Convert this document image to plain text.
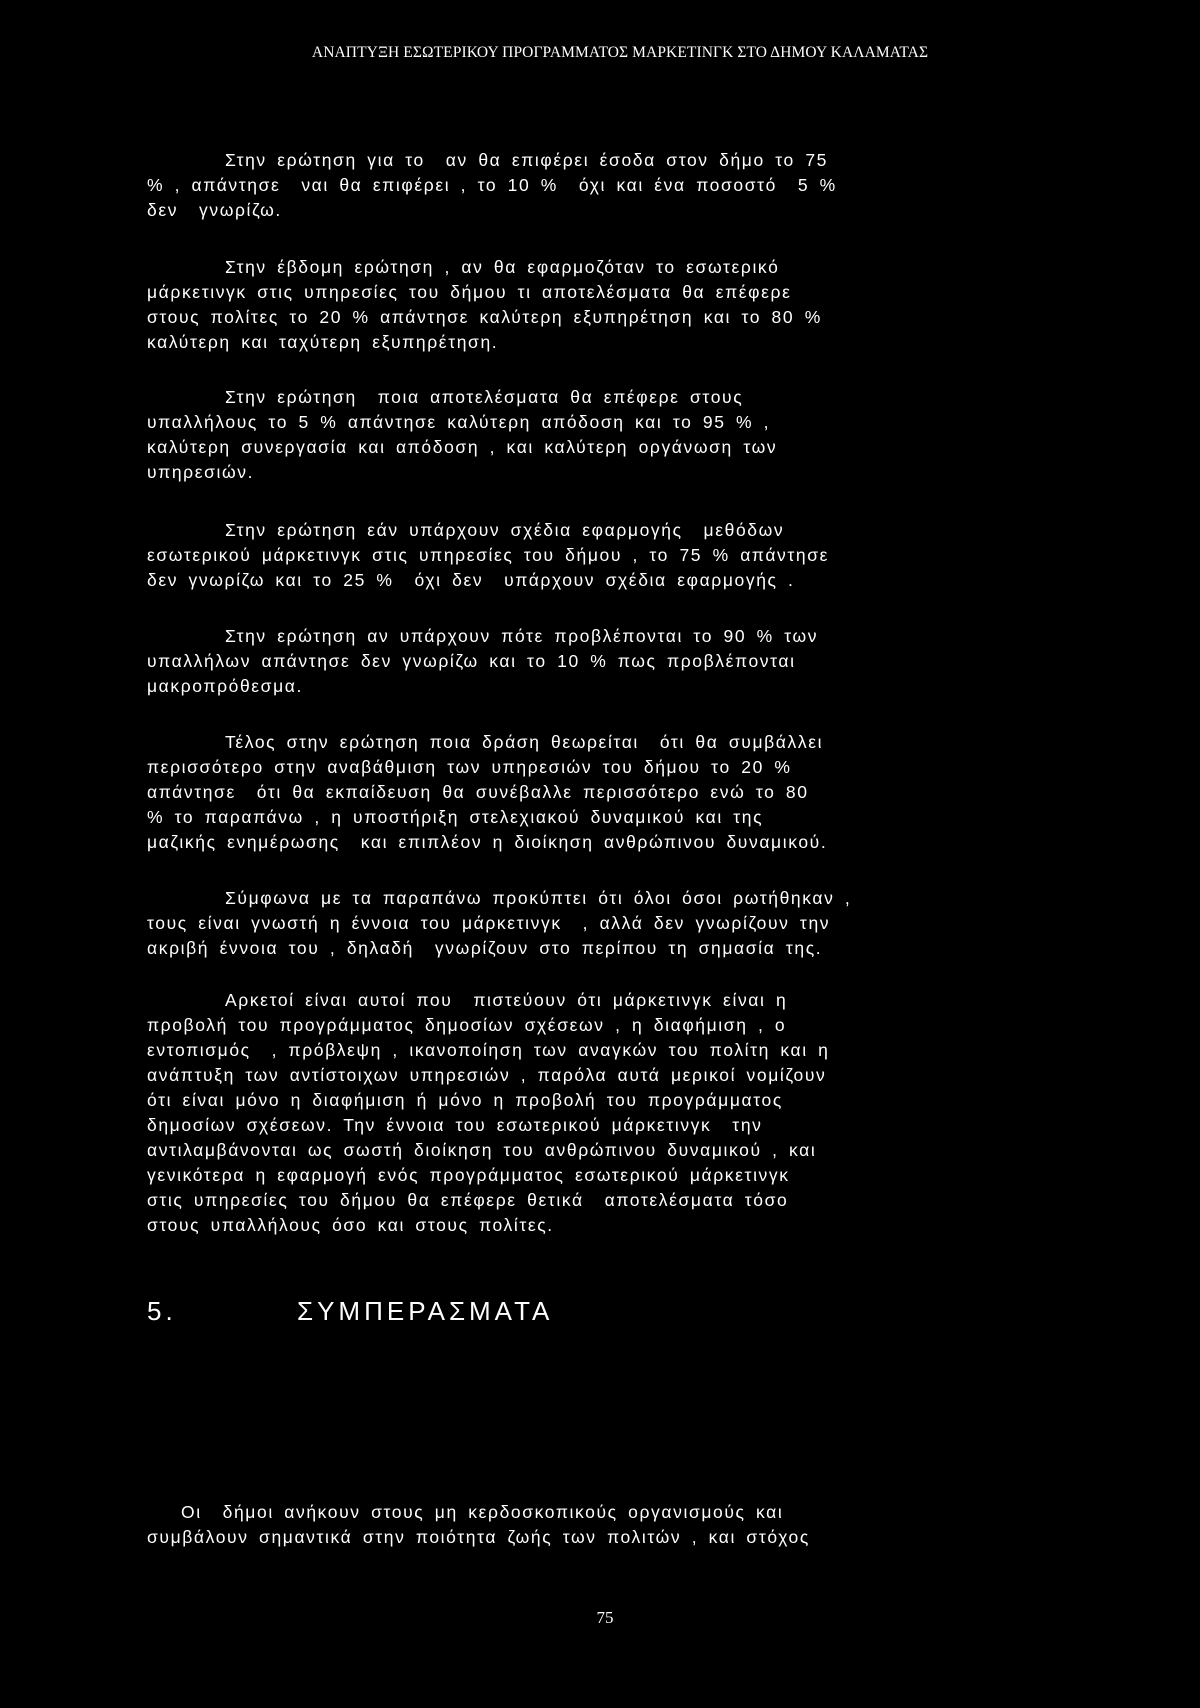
ΑΝΑΠΤΥΞΗ ΕΣΩΤΕΡΙΚΟΥ ΠΡΟΓΡΑΜΜΑΤΟΣ ΜΑΡΚΕΤΙΝΓΚ ΣΤΟ ΔΗΜΟΥ ΚΑΛΑΜΑΤΑΣ
Στην ερώτηση για το  αν θα επιφέρει έσοδα στον δήμο το 75
% , απάντησε  ναι θα επιφέρει , το 10 %  όχι και ένα ποσοστό  5 %
δεν  γνωρίζω.
Στην έβδομη ερώτηση , αν θα εφαρμοζόταν το εσωτερικό
μάρκετινγκ στις υπηρεσίες του δήμου τι αποτελέσματα θα επέφερε
στους πολίτες το 20 % απάντησε καλύτερη εξυπηρέτηση και το 80 %
καλύτερη και ταχύτερη εξυπηρέτηση.
Στην ερώτηση  ποια αποτελέσματα θα επέφερε στους
υπαλλήλους το 5 % απάντησε καλύτερη απόδοση και το 95 % ,
καλύτερη συνεργασία και απόδοση , και καλύτερη οργάνωση των
υπηρεσιών.
Στην ερώτηση εάν υπάρχουν σχέδια εφαρμογής  μεθόδων
εσωτερικού μάρκετινγκ στις υπηρεσίες του δήμου , το 75 % απάντησε
δεν γνωρίζω και το 25 %  όχι δεν  υπάρχουν σχέδια εφαρμογής .
Στην ερώτηση αν υπάρχουν πότε προβλέπονται το 90 % των
υπαλλήλων απάντησε δεν γνωρίζω και το 10 % πως προβλέπονται
μακροπρόθεσμα.
Τέλος στην ερώτηση ποια δράση θεωρείται  ότι θα συμβάλλει
περισσότερο στην αναβάθμιση των υπηρεσιών του δήμου το 20 %
απάντησε  ότι θα εκπαίδευση θα συνέβαλλε περισσότερο ενώ το 80
% το παραπάνω , η υποστήριξη στελεχιακού δυναμικού και της
μαζικής ενημέρωσης  και επιπλέον η διοίκηση ανθρώπινου δυναμικού.
Σύμφωνα με τα παραπάνω προκύπτει ότι όλοι όσοι ρωτήθηκαν ,
τους είναι γνωστή η έννοια του μάρκετινγκ  , αλλά δεν γνωρίζουν την
ακριβή έννοια του , δηλαδή  γνωρίζουν στο περίπου τη σημασία της.
Αρκετοί είναι αυτοί που  πιστεύουν ότι μάρκετινγκ είναι η
προβολή του προγράμματος δημοσίων σχέσεων , η διαφήμιση , ο
εντοπισμός  , πρόβλεψη , ικανοποίηση των αναγκών του πολίτη και η
ανάπτυξη των αντίστοιχων υπηρεσιών , παρόλα αυτά μερικοί νομίζουν
ότι είναι μόνο η διαφήμιση ή μόνο η προβολή του προγράμματος
δημοσίων σχέσεων. Την έννοια του εσωτερικού μάρκετινγκ  την
αντιλαμβάνονται ως σωστή διοίκηση του ανθρώπινου δυναμικού , και
γενικότερα η εφαρμογή ενός προγράμματος εσωτερικού μάρκετινγκ
στις υπηρεσίες του δήμου θα επέφερε θετικά  αποτελέσματα τόσο
στους υπαλλήλους όσο και στους πολίτες.
Οι  δήμοι ανήκουν στους μη κερδοσκοπικούς οργανισμούς και
συμβάλουν σημαντικά στην ποιότητα ζωής των πολιτών , και στόχος
5.	ΣΥΜΠΕΡΑΣΜΑΤΑ
75
